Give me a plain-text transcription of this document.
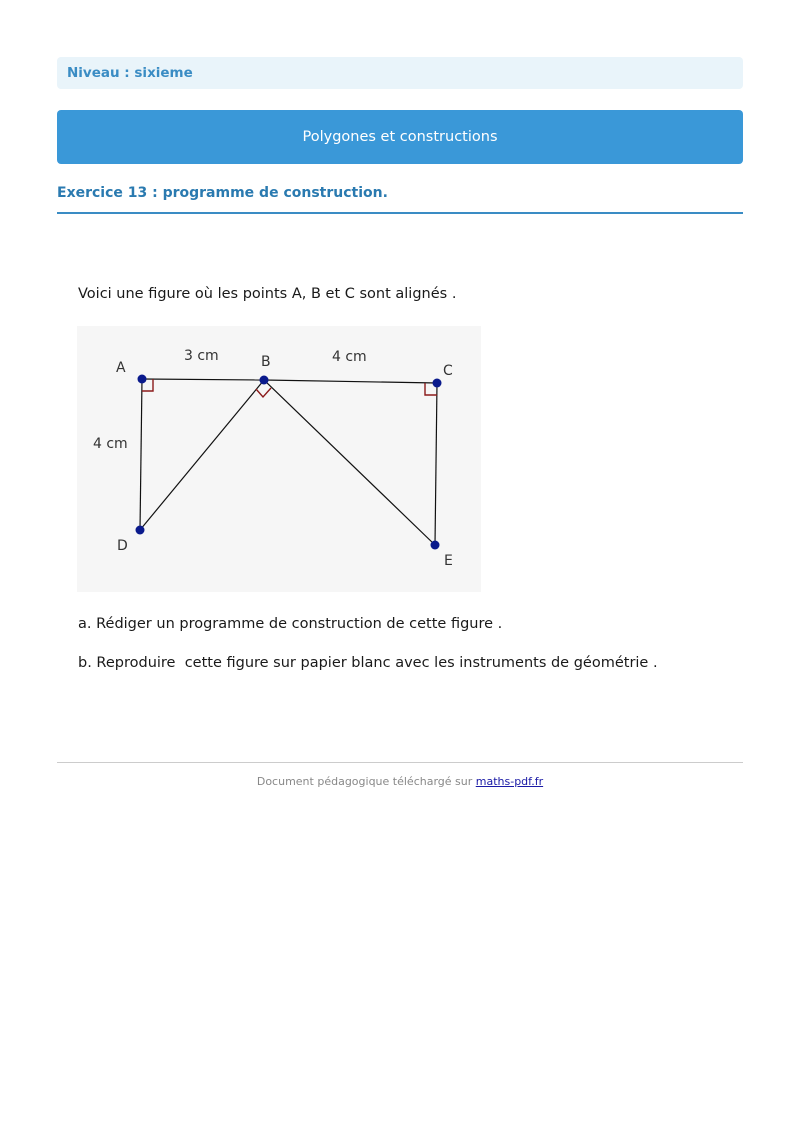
Niveau : sixieme
Polygones et constructions
Exercice 13 : programme de construction.
Voici une figure où les points A, B et C sont alignés .
A	B
C
D
E
3 cm	4 cm
4 cm
a. Rédiger un programme de construction de cette figure .
b. Reproduire  cette figure sur papier blanc avec les instruments de géométrie .
Document pédagogique téléchargé sur maths-pdf.fr
